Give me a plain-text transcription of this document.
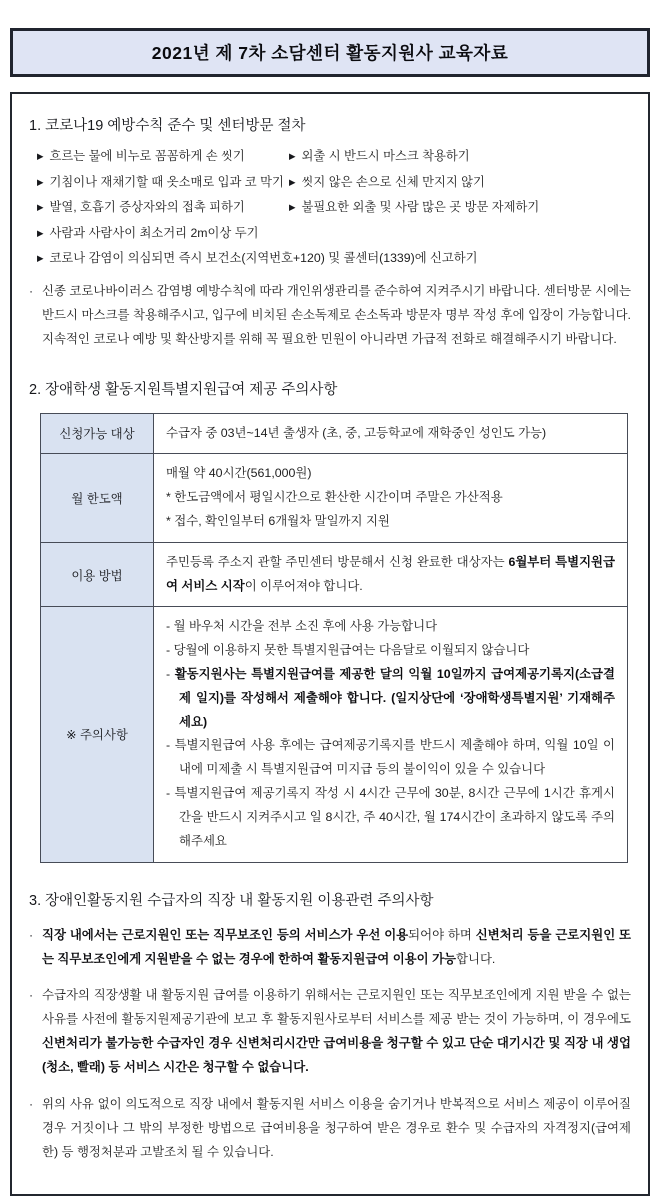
2021년 제 7차 소담센터 활동지원사 교육자료
1. 코로나19 예방수칙 준수 및 센터방문 절차
▶ 흐르는 물에 비누로 꼼꼼하게 손 씻기	▶ 외출 시 반드시 마스크 착용하기
▶ 기침이나 재채기할 때 옷소매로 입과 코 막기 ▶ 씻지 않은 손으로 신체 만지지 않기
▶ 발열, 호흡기 증상자와의 접촉 피하기	▶ 불필요한 외출 및 사람 많은 곳 방문 자제하기
▶ 사람과 사람사이 최소거리 2m이상 두기
▶ 코로나 감염이 의심되면 즉시 보건소(지역번호+120) 및 콜센터(1339)에 신고하기
· 신종 코로나바이러스 감염병 예방수칙에 따라 개인위생관리를 준수하여 지켜주시기 바랍니다. 센터방문 시에는 반드시 마스크를 착용해주시고, 입구에 비치된 손소독제로 손소독과 방문자 명부 작성 후에 입장이 가능합니다. 지속적인 코로나 예방 및 확산방지를 위해 꼭 필요한 민원이 아니라면 가급적 전화로 해결해주시기 바랍니다.
2. 장애학생 활동지원특별지원급여 제공 주의사항
신청가능 대상	수급자 중 03년~14년 출생자 (초, 중, 고등학교에 재학중인 성인도 가능)

월 한도액	매월 약 40시간(561,000원)
* 한도금액에서 평일시간으로 환산한 시간이며 주말은 가산적용
* 접수, 확인일부터 6개월차 말일까지 지원

이용 방법	주민등록 주소지 관할 주민센터 방문해서 신청 완료한 대상자는 6월부터 특별지원급여 서비스 시작이 이루어져야 합니다.

※ 주의사항	- 월 바우처 시간을 전부 소진 후에 사용 가능합니다
- 당월에 이용하지 못한 특별지원급여는 다음달로 이월되지 않습니다
- 활동지원사는 특별지원급여를 제공한 달의 익월 10일까지 급여제공기록지(소급결제 일지)를 작성해서 제출해야 합니다. (일지상단에 ‘장애학생특별지원’ 기재해주세요)
- 특별지원급여 사용 후에는 급여제공기록지를 반드시 제출해야 하며, 익월 10일 이내에 미제출 시 특별지원급여 미지급 등의 불이익이 있을 수 있습니다
- 특별지원급여 제공기록지 작성 시 4시간 근무에 30분, 8시간 근무에 1시간 휴게시간을 반드시 지켜주시고 일 8시간, 주 40시간, 월 174시간이 초과하지 않도록 주의해주세요
3. 장애인활동지원 수급자의 직장 내 활동지원 이용관련 주의사항
· 직장 내에서는 근로지원인 또는 직무보조인 등의 서비스가 우선 이용되어야 하며 신변처리 등을 근로지원인 또는 직무보조인에게 지원받을 수 없는 경우에 한하여 활동지원급여 이용이 가능합니다.
· 수급자의 직장생활 내 활동지원 급여를 이용하기 위해서는 근로지원인 또는 직무보조인에게 지원 받을 수 없는 사유를 사전에 활동지원제공기관에 보고 후 활동지원사로부터 서비스를 제공 받는 것이 가능하며, 이 경우에도 신변처리가 불가능한 수급자인 경우 신변처리시간만 급여비용을 청구할 수 있고 단순 대기시간 및 직장 내 생업(청소, 빨래) 등 서비스 시간은 청구할 수 없습니다.
· 위의 사유 없이 의도적으로 직장 내에서 활동지원 서비스 이용을 숨기거나 반복적으로 서비스 제공이 이루어질 경우 거짓이나 그 밖의 부정한 방법으로 급여비용을 청구하여 받은 경우로 환수 및 수급자의 자격정지(급여제한) 등 행정처분과 고발조치 될 수 있습니다.
